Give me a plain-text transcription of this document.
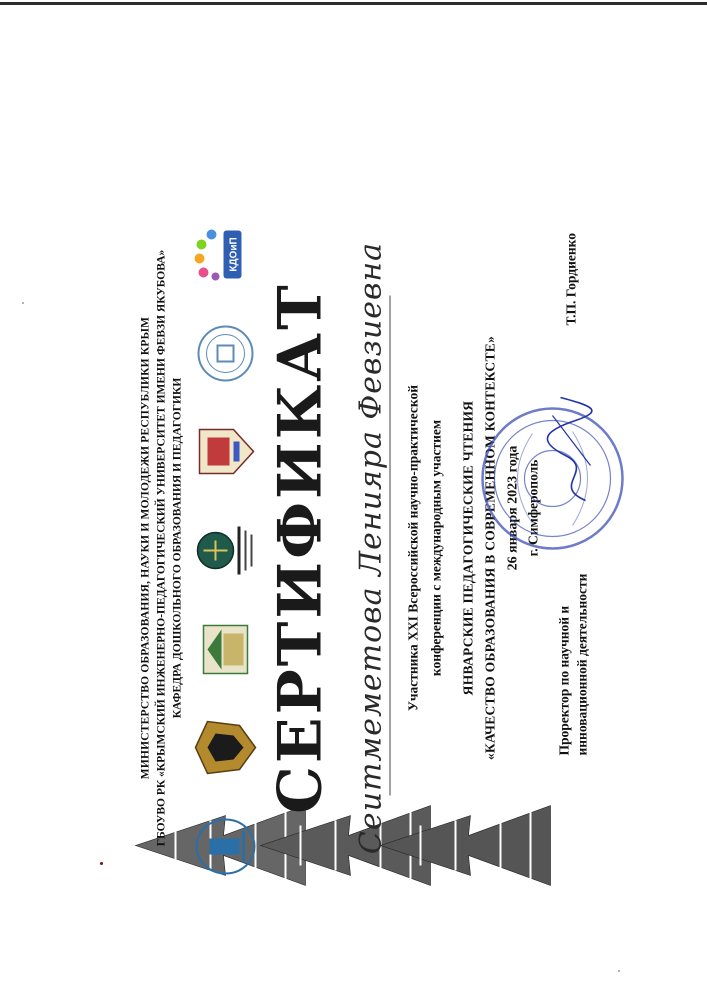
МИНИСТЕРСТВО ОБРАЗОВАНИЯ, НАУКИ И МОЛОДЕЖИ РЕСПУБЛИКИ КРЫМ ГБОУВО РК «КРЫМСКИЙ ИНЖЕНЕРНО-ПЕДАГОГИЧЕСКИЙ УНИВЕРСИТЕТ ИМЕНИ ФЕВЗИ ЯКУБОВА» КАФЕДРА ДОШКОЛЬНОГО ОБРАЗОВАНИЯ И ПЕДАГОГИКИ
КДОиП
СЕРТИФИКАТ Сеитмеметова Ленияра Февзиевна Участника XXI Всероссийской научно-практической конференции с международным участием ЯНВАРСКИЕ ПЕДАГОГИЧЕСКИЕ ЧТЕНИЯ «КАЧЕСТВО ОБРАЗОВАНИЯ В СОВРЕМЕННОМ КОНТЕКСТЕ» 26 января 2023 года г. Симферополь
Проректор по научной и инновационной деятельности
Т.П. Гордиенко
